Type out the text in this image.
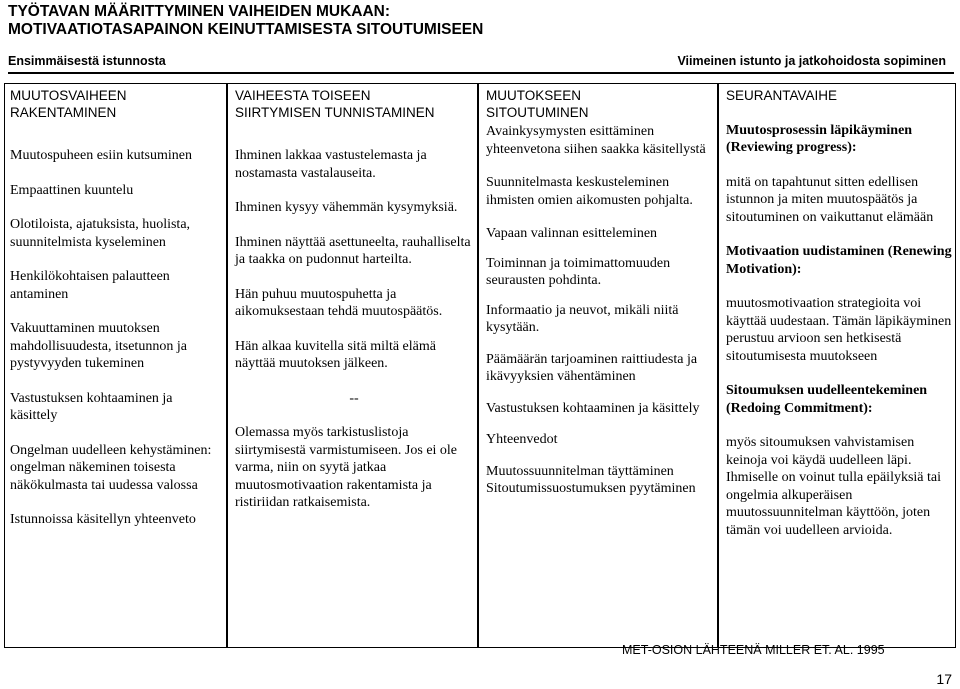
TYÖTAVAN MÄÄRITTYMINEN VAIHEIDEN MUKAAN:
MOTIVAATIOTASAPAINON KEINUTTAMISESTA SITOUTUMISEEN
Ensimmäisestä istunnosta	Viimeinen istunto ja jatkohoidosta sopiminen

MUUTOSVAIHEEN
RAKENTAMINEN

Muutospuheen esiin kutsuminen

Empaattinen kuuntelu

Olotiloista, ajatuksista, huolista, suunnitelmista kyseleminen

Henkilökohtaisen palautteen antaminen

Vakuuttaminen muutoksen mahdollisuudesta, itsetunnon ja pystyvyyden tukeminen

Vastustuksen kohtaaminen ja käsittely

Ongelman uudelleen kehystäminen: ongelman näkeminen toisesta näkökulmasta tai uudessa valossa

Istunnoissa käsitellyn yhteenveto

VAIHEESTA TOISEEN
SIIRTYMISEN TUNNISTAMINEN

Ihminen lakkaa vastustelemasta ja nostamasta vastalauseita.

Ihminen kysyy vähemmän kysymyksiä.

Ihminen näyttää asettuneelta, rauhalliselta ja taakka on pudonnut harteilta.

Hän puhuu muutospuhetta ja aikomuksestaan tehdä muutospäätös.

Hän alkaa kuvitella sitä miltä elämä näyttää muutoksen jälkeen.

--

Olemassa myös tarkistuslistoja siirtymisestä varmistumiseen. Jos ei ole varma, niin on syytä jatkaa muutosmotivaation rakentamista ja ristiriidan ratkaisemista.

MUUTOKSEEN
SITOUTUMINEN

Avainkysymysten esittäminen yhteenvetona siihen saakka käsitellystä

Suunnitelmasta keskusteleminen ihmisten omien aikomusten pohjalta.

Vapaan valinnan esitteleminen

Toiminnan ja toimimattomuuden seurausten pohdinta.

Informaatio ja neuvot, mikäli niitä kysytään.

Päämäärän tarjoaminen raittiudesta ja ikävyyksien vähentäminen

Vastustuksen kohtaaminen ja käsittely

Yhteenvedot

Muutossuunnitelman täyttäminen Sitoutumissuostumuksen pyytäminen

SEURANTAVAIHE

Muutosprosessin läpikäyminen (Reviewing progress):

mitä on tapahtunut sitten edellisen istunnon ja miten muutospäätös ja sitoutuminen on vaikuttanut elämään

Motivaation uudistaminen (Renewing Motivation):

muutosmotivaation strategioita voi käyttää uudestaan. Tämän läpikäyminen perustuu arvioon sen hetkisestä sitoutumisesta muutokseen

Sitoumuksen uudelleentekeminen (Redoing Commitment):

myös sitoumuksen vahvistamisen keinoja voi käydä uudelleen läpi. Ihmiselle on voinut tulla epäilyksiä tai ongelmia alkuperäisen muutossuunnitelman käyttöön, joten tämän voi uudelleen arvioida.

MET-OSION LÄHTEENÄ MILLER ET. AL. 1995
17
